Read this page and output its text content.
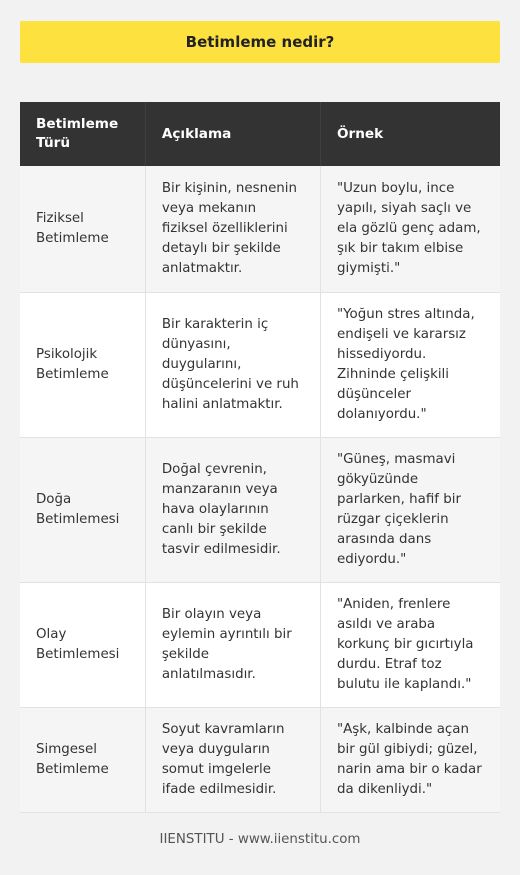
Betimleme nedir?
Betimleme Türü	Açıklama	Örnek
Fiziksel Betimleme	Bir kişinin, nesnenin veya mekanın fiziksel özelliklerini detaylı bir şekilde anlatmaktır.	"Uzun boylu, ince yapılı, siyah saçlı ve ela gözlü genç adam, şık bir takım elbise giymişti."
Psikolojik Betimleme	Bir karakterin iç dünyasını, duygularını, düşüncelerini ve ruh halini anlatmaktır.	"Yoğun stres altında, endişeli ve kararsız hissediyordu. Zihninde çelişkili düşünceler dolanıyordu."
Doğa Betimlemesi	Doğal çevrenin, manzaranın veya hava olaylarının canlı bir şekilde tasvir edilmesidir.	"Güneş, masmavi gökyüzünde parlarken, hafif bir rüzgar çiçeklerin arasında dans ediyordu."
Olay Betimlemesi	Bir olayın veya eylemin ayrıntılı bir şekilde anlatılmasıdır.	"Aniden, frenlere asıldı ve araba korkunç bir gıcırtıyla durdu. Etraf toz bulutu ile kaplandı."
Simgesel Betimleme	Soyut kavramların veya duyguların somut imgelerle ifade edilmesidir.	"Aşk, kalbinde açan bir gül gibiydi; güzel, narin ama bir o kadar da dikenliydi."
IIENSTITU - www.iienstitu.com
